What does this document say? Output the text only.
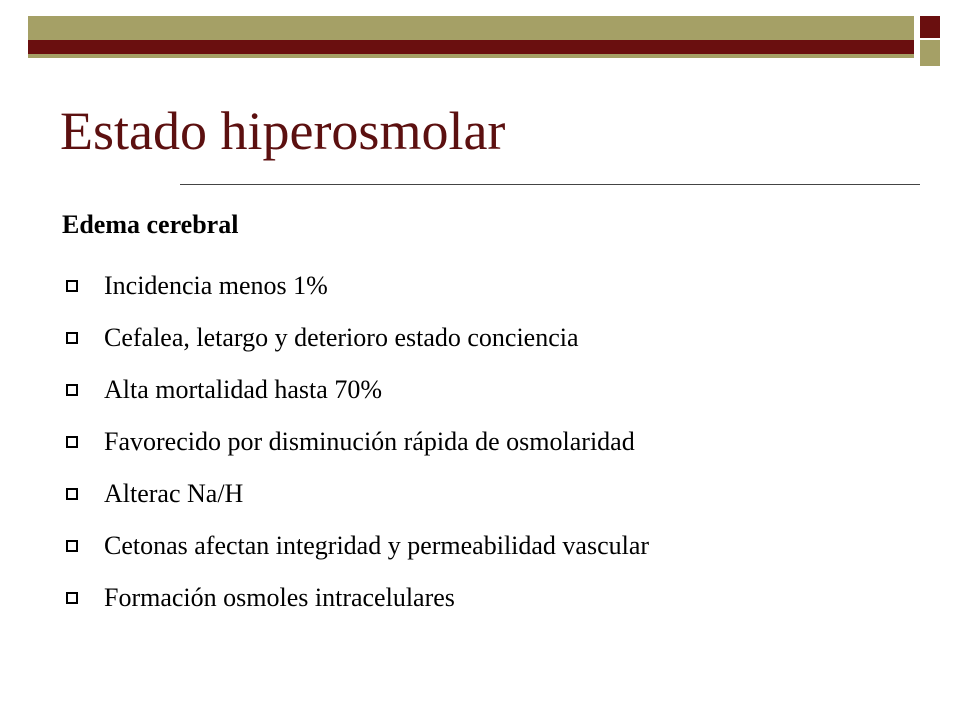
Estado hiperosmolar
Edema cerebral
Incidencia menos 1%
Cefalea, letargo y deterioro estado conciencia
Alta mortalidad hasta 70%
Favorecido por disminución rápida de osmolaridad
Alterac Na/H
Cetonas afectan integridad y permeabilidad vascular
Formación osmoles intracelulares
